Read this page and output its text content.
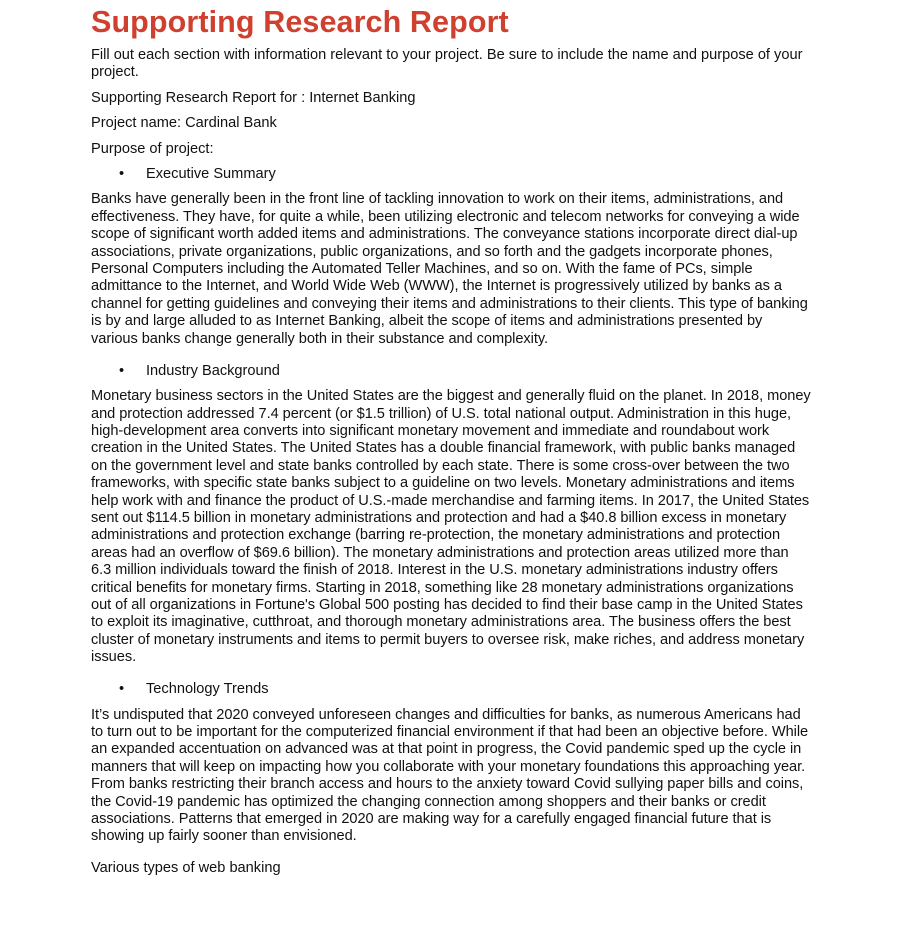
Supporting Research Report

Fill out each section with information relevant to your project. Be sure to include the name and purpose of your project.

Supporting Research Report for : Internet Banking

Project name: Cardinal Bank

Purpose of project:

• Executive Summary

Banks have generally been in the front line of tackling innovation to work on their items, administrations, and effectiveness. They have, for quite a while, been utilizing electronic and telecom networks for conveying a wide scope of significant worth added items and administrations. The conveyance stations incorporate direct dial-up associations, private organizations, public organizations, and so forth and the gadgets incorporate phones, Personal Computers including the Automated Teller Machines, and so on. With the fame of PCs, simple admittance to the Internet, and World Wide Web (WWW), the Internet is progressively utilized by banks as a channel for getting guidelines and conveying their items and administrations to their clients. This type of banking is by and large alluded to as Internet Banking, albeit the scope of items and administrations presented by various banks change generally both in their substance and complexity.

• Industry Background

Monetary business sectors in the United States are the biggest and generally fluid on the planet. In 2018, money and protection addressed 7.4 percent (or $1.5 trillion) of U.S. total national output. Administration in this huge, high-development area converts into significant monetary movement and immediate and roundabout work creation in the United States. The United States has a double financial framework, with public banks managed on the government level and state banks controlled by each state. There is some cross-over between the two frameworks, with specific state banks subject to a guideline on two levels. Monetary administrations and items help work with and finance the product of U.S.-made merchandise and farming items. In 2017, the United States sent out $114.5 billion in monetary administrations and protection and had a $40.8 billion excess in monetary administrations and protection exchange (barring re-protection, the monetary administrations and protection areas had an overflow of $69.6 billion). The monetary administrations and protection areas utilized more than 6.3 million individuals toward the finish of 2018. Interest in the U.S. monetary administrations industry offers critical benefits for monetary firms. Starting in 2018, something like 28 monetary administrations organizations out of all organizations in Fortune's Global 500 posting has decided to find their base camp in the United States to exploit its imaginative, cutthroat, and thorough monetary administrations area. The business offers the best cluster of monetary instruments and items to permit buyers to oversee risk, make riches, and address monetary issues.

• Technology Trends

It’s undisputed that 2020 conveyed unforeseen changes and difficulties for banks, as numerous Americans had to turn out to be important for the computerized financial environment if that had been an objective before. While an expanded accentuation on advanced was at that point in progress, the Covid pandemic sped up the cycle in manners that will keep on impacting how you collaborate with your monetary foundations this approaching year. From banks restricting their branch access and hours to the anxiety toward Covid sullying paper bills and coins, the Covid-19 pandemic has optimized the changing connection among shoppers and their banks or credit associations. Patterns that emerged in 2020 are making way for a carefully engaged financial future that is showing up fairly sooner than envisioned.

Various types of web banking
